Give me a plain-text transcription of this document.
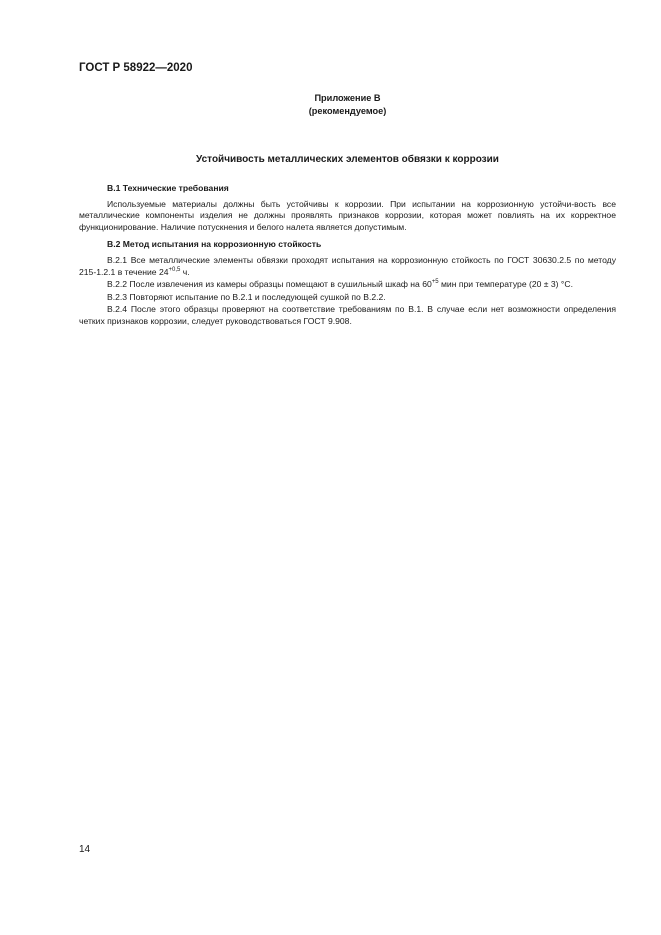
ГОСТ Р 58922—2020
Приложение В
(рекомендуемое)
Устойчивость металлических элементов обвязки к коррозии

В.1 Технические требования

Используемые материалы должны быть устойчивы к коррозии. При испытании на коррозионную устойчи-вость все металлические компоненты изделия не должны проявлять признаков коррозии, которая может повлиять на их корректное функционирование. Наличие потускнения и белого налета является допустимым.

В.2 Метод испытания на коррозионную стойкость

В.2.1 Все металлические элементы обвязки проходят испытания на коррозионную стойкость по ГОСТ 30630.2.5 по методу 215-1.2.1 в течение $24^{+0,5}$ ч.

В.2.2 После извлечения из камеры образцы помещают в сушильный шкаф на $60^{+5}$ мин при температуре (20 ± 3) °С.

В.2.3 Повторяют испытание по В.2.1 и последующей сушкой по В.2.2.

В.2.4 После этого образцы проверяют на соответствие требованиям по В.1. В случае если нет возможности определения четких признаков коррозии, следует руководствоваться ГОСТ 9.908.

14
